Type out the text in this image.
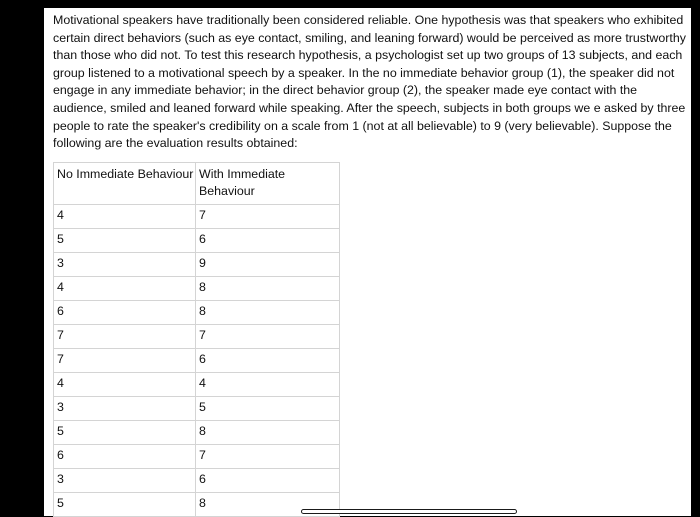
Motivational speakers have traditionally been considered reliable. One hypothesis was that speakers who exhibited certain direct behaviors (such as eye contact, smiling, and leaning forward) would be perceived as more trustworthy than those who did not. To test this research hypothesis, a psychologist set up two groups of 13 subjects, and each group listened to a motivational speech by a speaker. In the no immediate behavior group (1), the speaker did not engage in any immediate behavior; in the direct behavior group (2), the speaker made eye contact with the audience, smiled and leaned forward while speaking. After the speech, subjects in both groups we e asked by three people to rate the speaker's credibility on a scale from 1 (not at all believable) to 9 (very believable). Suppose the following are the evaluation results obtained:

No Immediate Behaviour	With Immediate Behaviour
4	7
5	6
3	9
4	8
6	8
7	7
7	6
4	4
3	5
5	8
6	7
3	6
5	8
